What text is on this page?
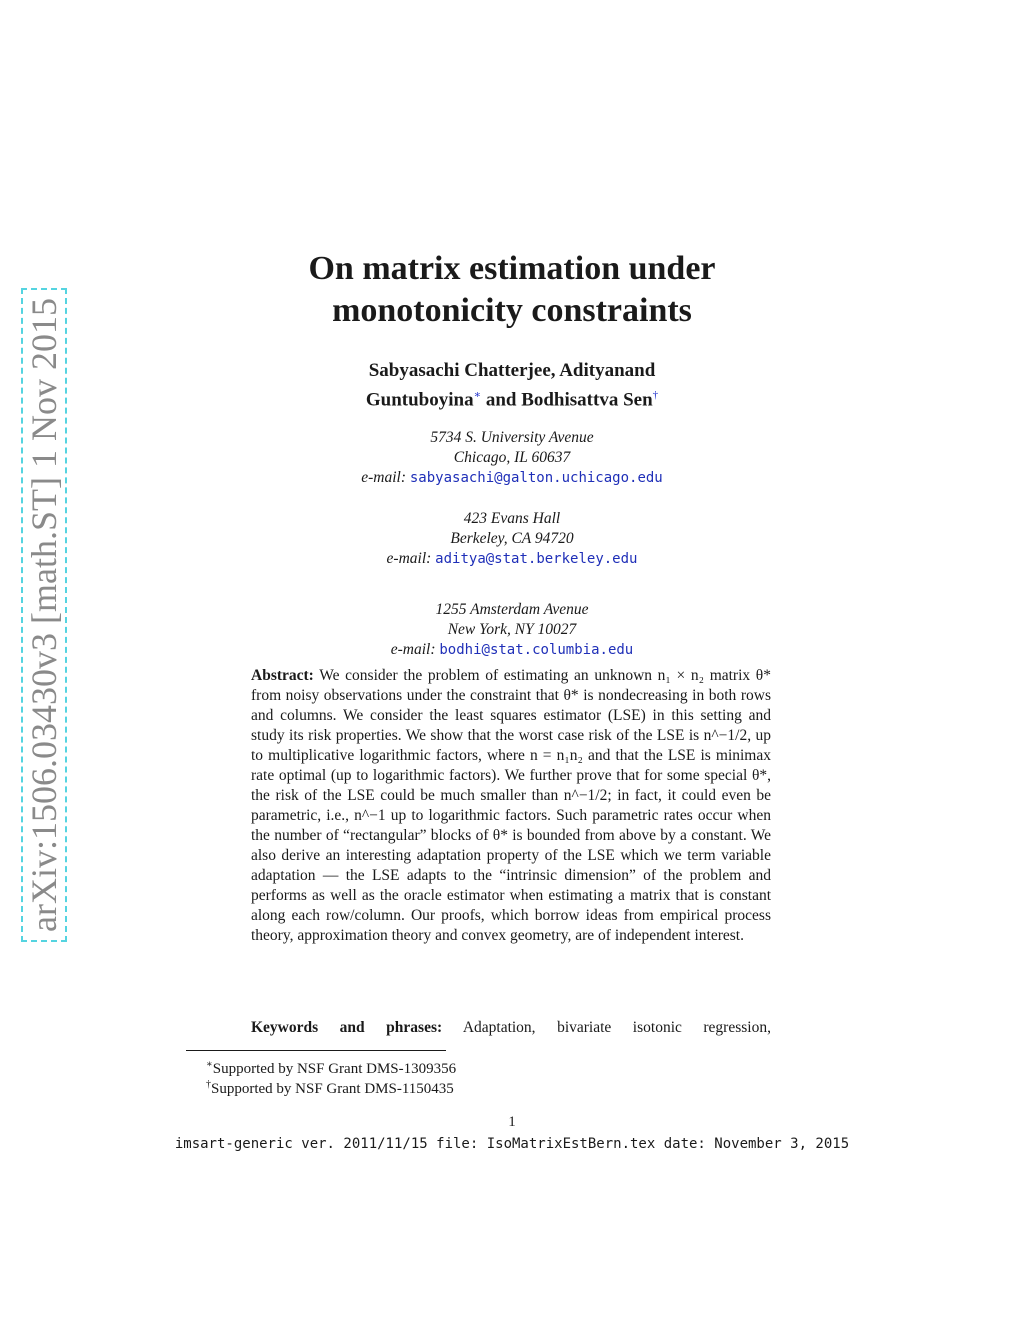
arXiv:1506.03430v3 [math.ST] 1 Nov 2015
On matrix estimation under
monotonicity constraints
Sabyasachi Chatterjee, Adityanand
Guntuboyina∗ and Bodhisattva Sen†
5734 S. University Avenue
Chicago, IL 60637
e-mail: sabyasachi@galton.uchicago.edu
423 Evans Hall
Berkeley, CA 94720
e-mail: aditya@stat.berkeley.edu
1255 Amsterdam Avenue
New York, NY 10027
e-mail: bodhi@stat.columbia.edu
Abstract: We consider the problem of estimating an unknown n₁ × n₂ matrix θ* from noisy observations under the constraint that θ* is nondecreasing in both rows and columns. We consider the least squares estimator (LSE) in this setting and study its risk properties. We show that the worst case risk of the LSE is n^−1/2, up to multiplicative logarithmic factors, where n = n₁n₂ and that the LSE is minimax rate optimal (up to logarithmic factors). We further prove that for some special θ*, the risk of the LSE could be much smaller than n^−1/2; in fact, it could even be parametric, i.e., n^−1 up to logarithmic factors. Such parametric rates occur when the number of “rectangular” blocks of θ* is bounded from above by a constant. We also derive an interesting adaptation property of the LSE which we term variable adaptation — the LSE adapts to the “intrinsic dimension” of the problem and performs as well as the oracle estimator when estimating a matrix that is constant along each row/column. Our proofs, which borrow ideas from empirical process theory, approximation theory and convex geometry, are of independent interest.
Keywords and phrases: Adaptation, bivariate isotonic regression,
∗Supported by NSF Grant DMS-1309356
†Supported by NSF Grant DMS-1150435
1
imsart-generic ver. 2011/11/15 file: IsoMatrixEstBern.tex date: November 3, 2015
